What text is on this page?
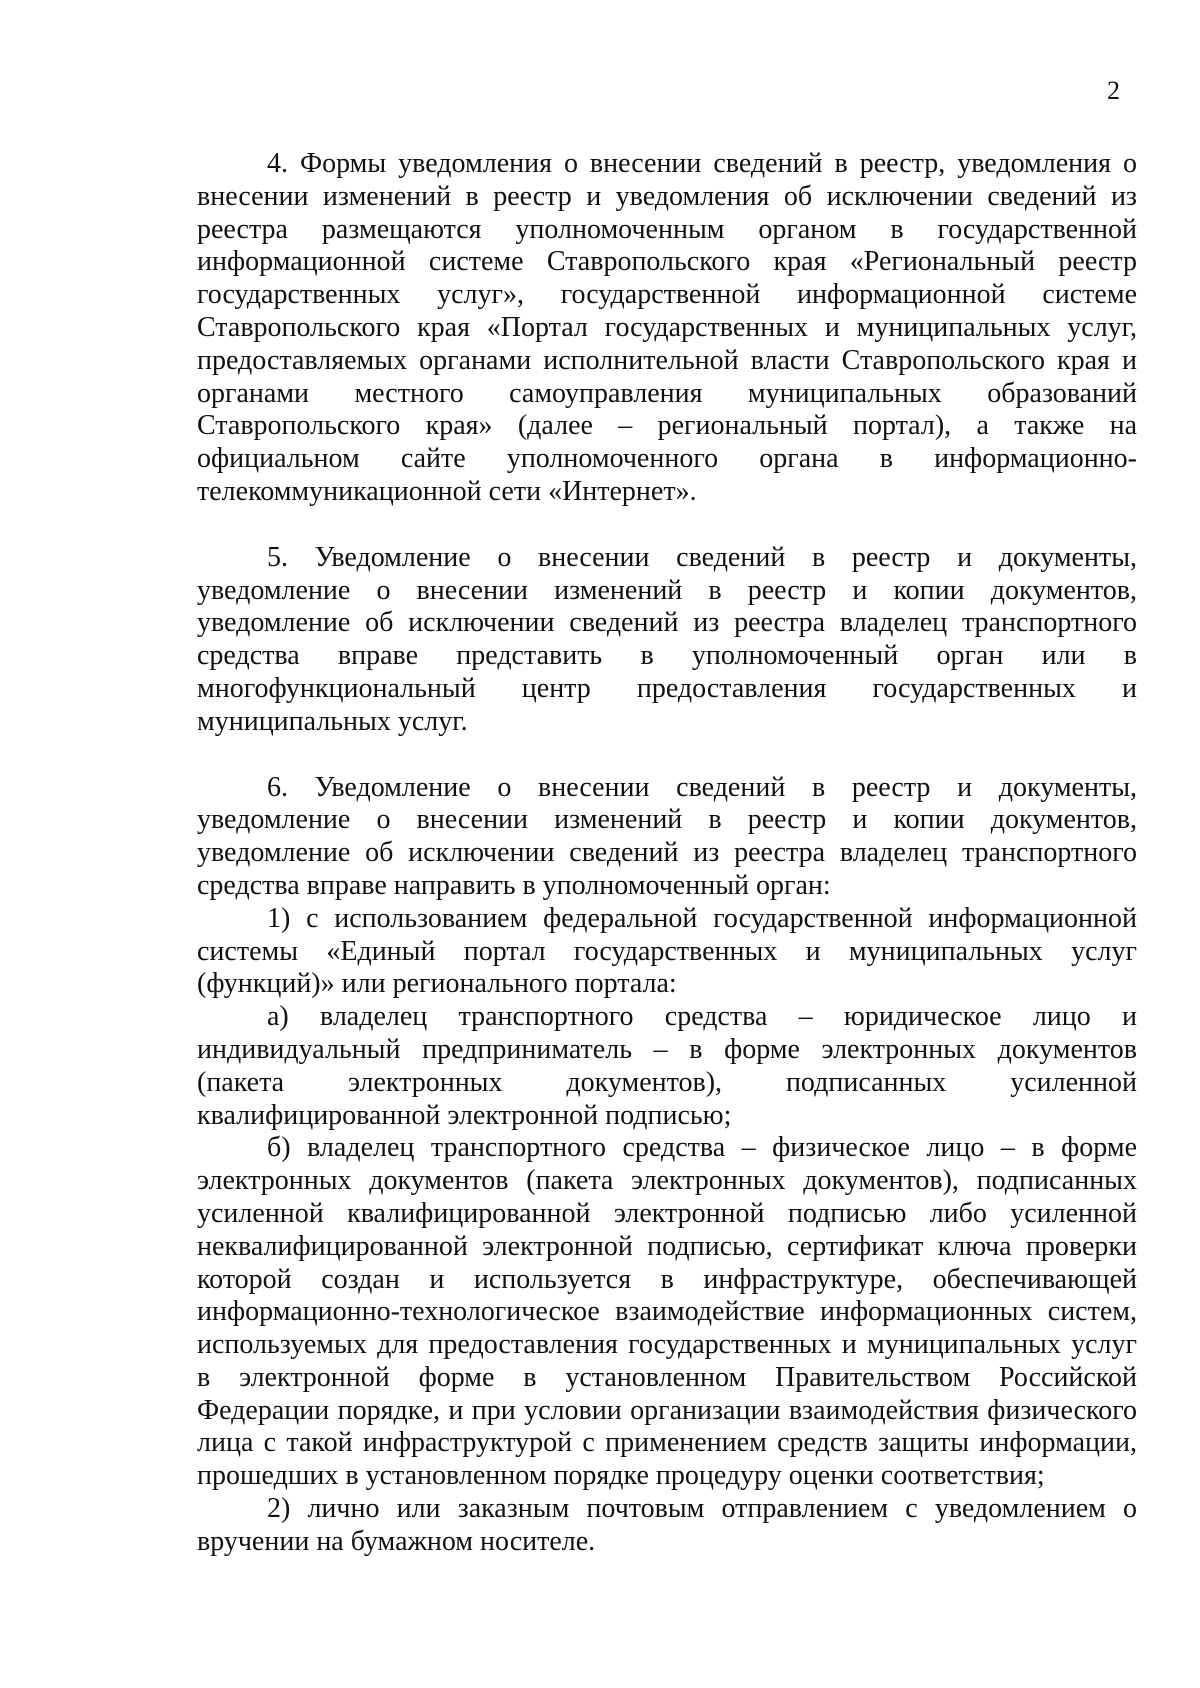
2

4. Формы уведомления о внесении сведений в реестр, уведомления о внесении изменений в реестр и уведомления об исключении сведений из реестра размещаются уполномоченным органом в государственной информационной системе Ставропольского края «Региональный реестр государственных услуг», государственной информационной системе Ставропольского края «Портал государственных и муниципальных услуг, предоставляемых органами исполнительной власти Ставропольского края и органами местного самоуправления муниципальных образований Ставропольского края» (далее – региональный портал), а также на официальном сайте уполномоченного органа в информационно-телекоммуникационной сети «Интернет».

5. Уведомление о внесении сведений в реестр и документы, уведомление о внесении изменений в реестр и копии документов, уведомление об исключении сведений из реестра владелец транспортного средства вправе представить в уполномоченный орган или в многофункциональный центр предоставления государственных и муниципальных услуг.

6. Уведомление о внесении сведений в реестр и документы, уведомление о внесении изменений в реестр и копии документов, уведомление об исключении сведений из реестра владелец транспортного средства вправе направить в уполномоченный орган:

1) с использованием федеральной государственной информационной системы «Единый портал государственных и муниципальных услуг (функций)» или регионального портала:

а) владелец транспортного средства – юридическое лицо и индивидуальный предприниматель – в форме электронных документов (пакета электронных документов), подписанных усиленной квалифицированной электронной подписью;

б) владелец транспортного средства – физическое лицо – в форме электронных документов (пакета электронных документов), подписанных усиленной квалифицированной электронной подписью либо усиленной неквалифицированной электронной подписью, сертификат ключа проверки которой создан и используется в инфраструктуре, обеспечивающей информационно-технологическое взаимодействие информационных систем, используемых для предоставления государственных и муниципальных услуг в электронной форме в установленном Правительством Российской Федерации порядке, и при условии организации взаимодействия физического лица с такой инфраструктурой с применением средств защиты информации, прошедших в установленном порядке процедуру оценки соответствия;

2) лично или заказным почтовым отправлением с уведомлением о вручении на бумажном носителе.
